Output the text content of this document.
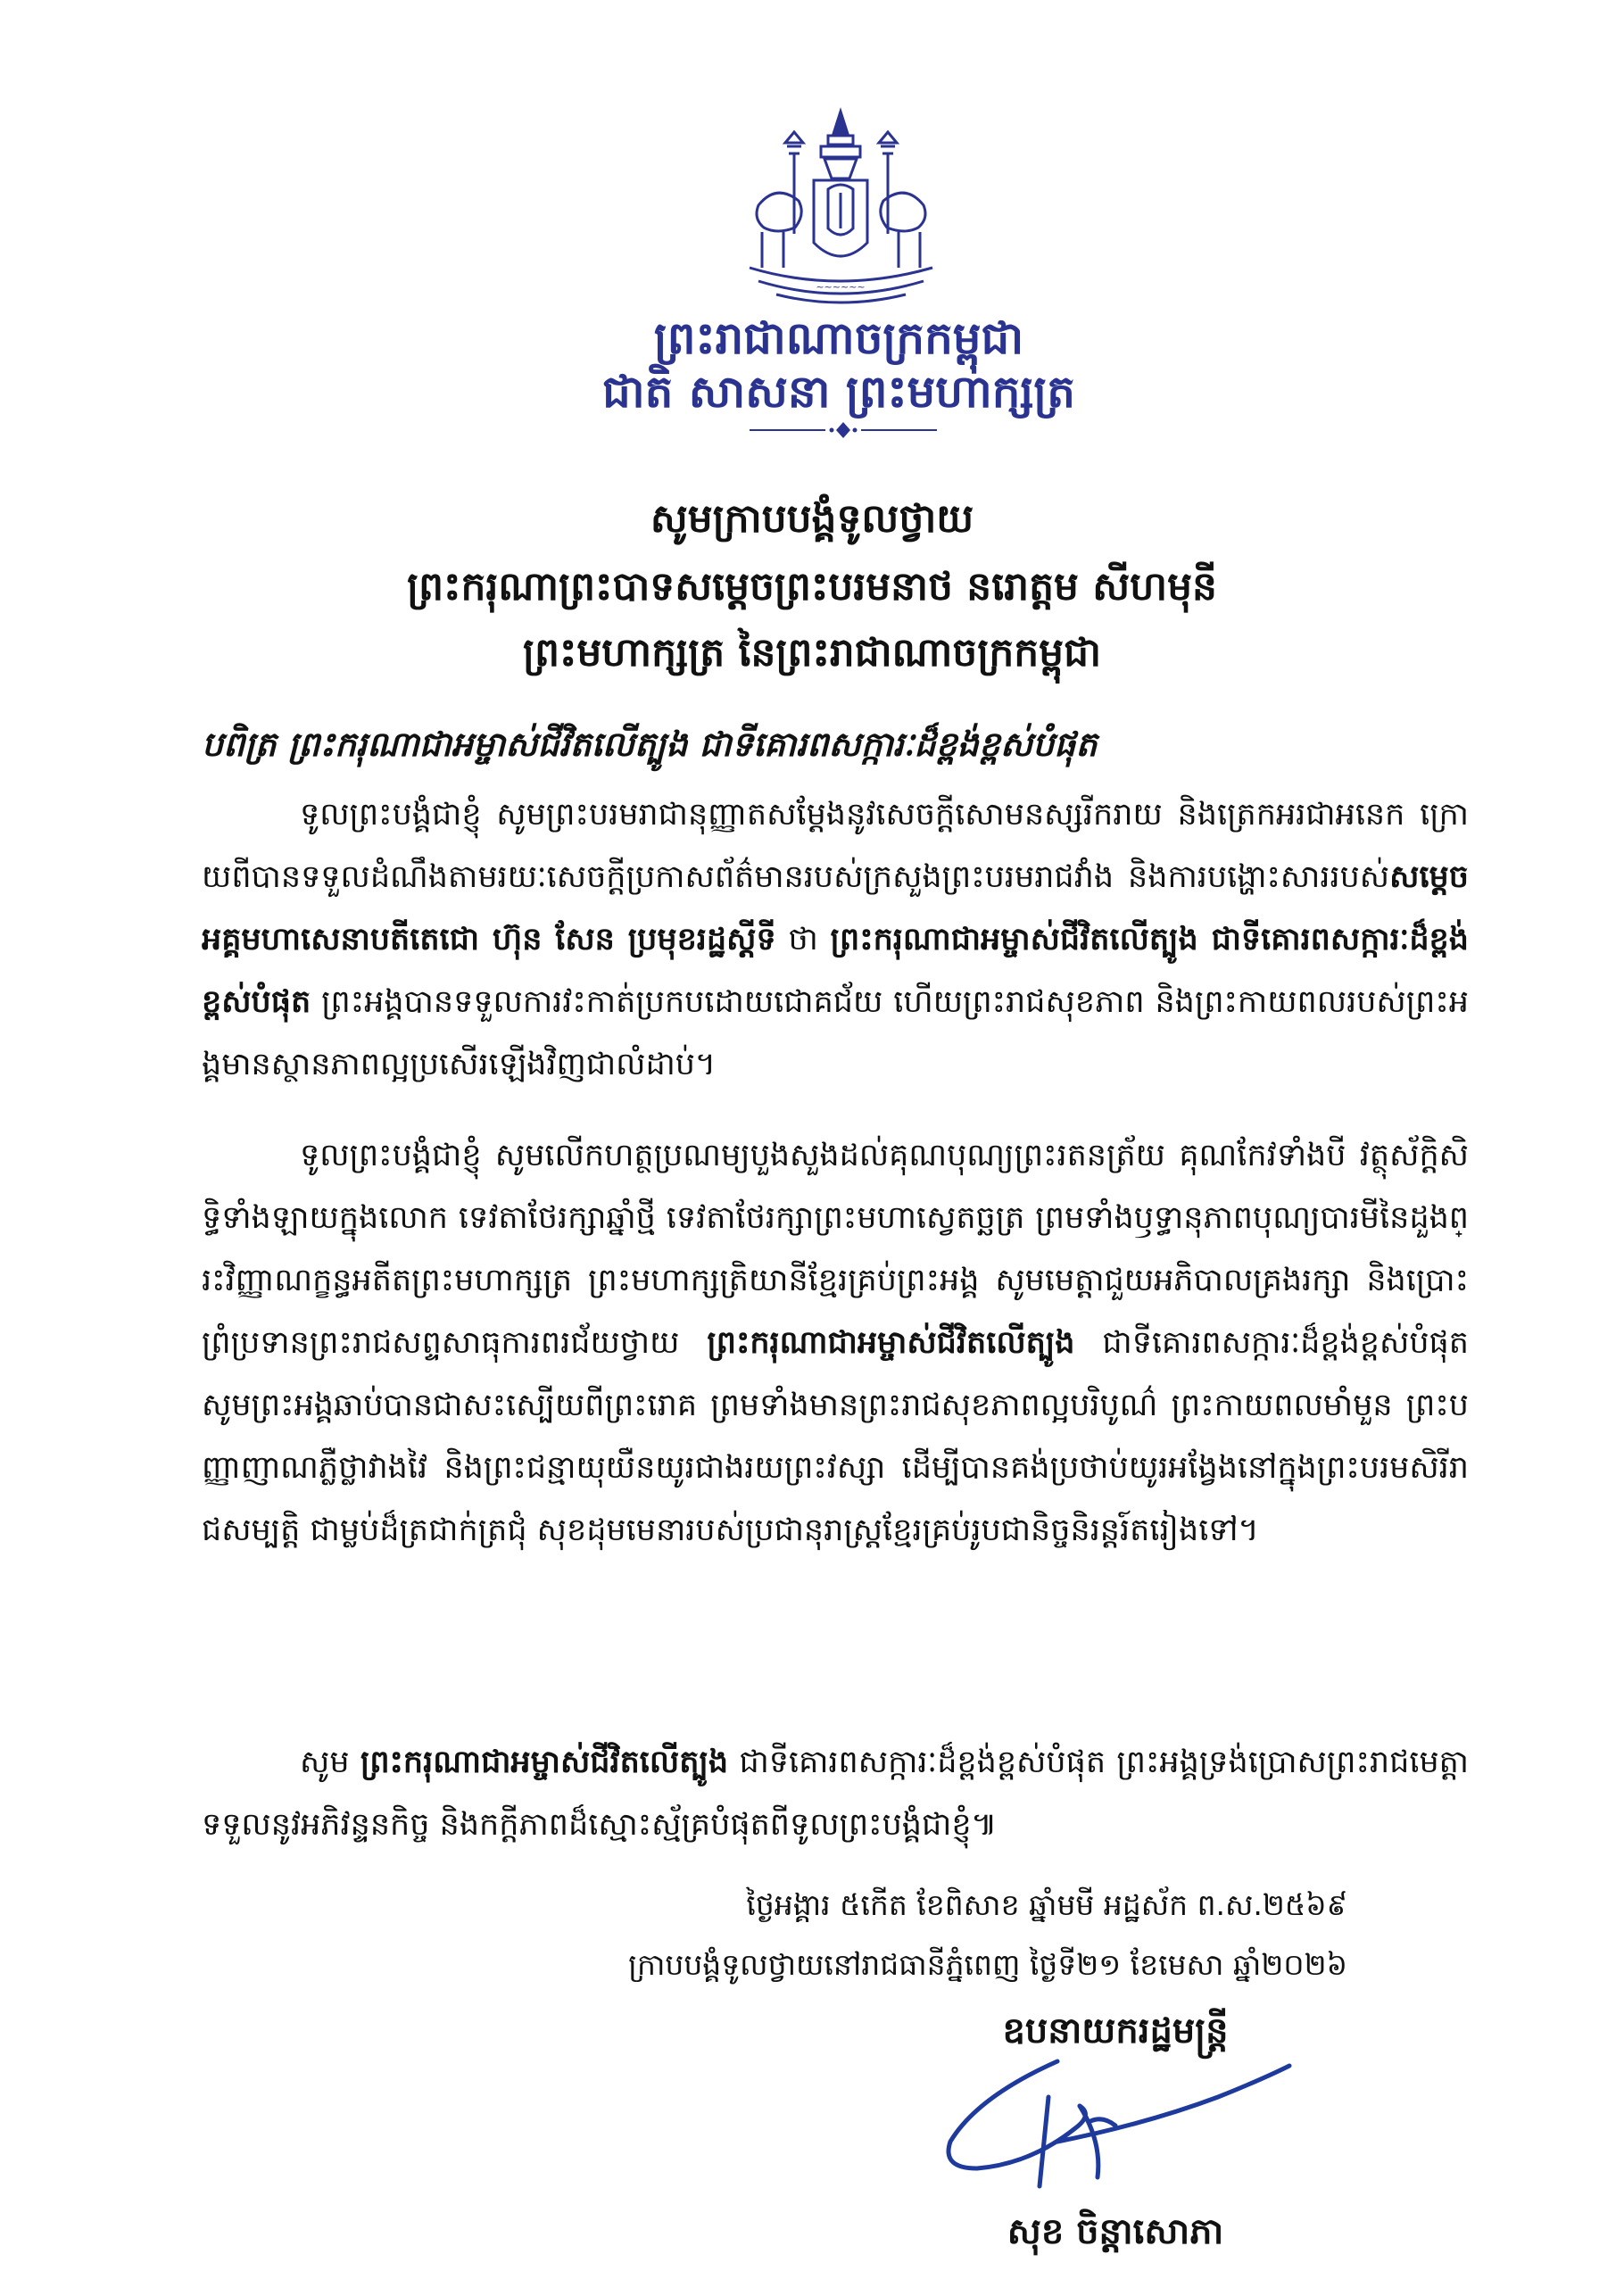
~~~~~~
ព្រះរាជាណាចក្រកម្ពុជា
ជាតិ សាសនា ព្រះមហាក្សត្រ
សូមក្រាបបង្គំទូលថ្វាយ
ព្រះករុណាព្រះបាទសម្តេចព្រះបរមនាថ នរោត្តម សីហមុនី
ព្រះមហាក្សត្រ នៃព្រះរាជាណាចក្រកម្ពុជា
បពិត្រ ព្រះករុណាជាអម្ចាស់ជីវិតលើត្បូង ជាទីគោរពសក្ការៈដ៏ខ្ពង់ខ្ពស់បំផុត
ទូលព្រះបង្គំជាខ្ញុំ សូមព្រះបរមរាជានុញ្ញាតសម្តែងនូវសេចក្តីសោមនស្សរីករាយ និងត្រេកអរជាអនេក ក្រោយពីបានទទួលដំណឹងតាមរយៈសេចក្តីប្រកាសព័ត៌មានរបស់ក្រសួងព្រះបរមរាជវាំង និងការបង្ហោះសាររបស់សម្តេចអគ្គមហាសេនាបតីតេជោ ហ៊ុន សែន ប្រមុខរដ្ឋស្តីទី ថា ព្រះករុណាជាអម្ចាស់ជីវិតលើត្បូង ជាទីគោរពសក្ការៈដ៏ខ្ពង់ខ្ពស់បំផុត ព្រះអង្គបានទទួលការវះកាត់ប្រកបដោយជោគជ័យ ហើយព្រះរាជសុខភាព និងព្រះកាយពលរបស់ព្រះអង្គមានស្ថានភាពល្អប្រសើរឡើងវិញជាលំដាប់។
ទូលព្រះបង្គំជាខ្ញុំ សូមលើកហត្ថប្រណម្យបួងសួងដល់គុណបុណ្យព្រះរតនត្រ័យ គុណកែវទាំងបី វត្ថុស័ក្តិសិទ្ធិទាំងឡាយក្នុងលោក ទេវតាថែរក្សាឆ្នាំថ្មី ទេវតាថែរក្សាព្រះមហាស្វេតច្ឆត្រ ព្រមទាំងឫទ្ធានុភាពបុណ្យបារមីនៃដួងព្រះវិញ្ញាណក្ខន្ធអតីតព្រះមហាក្សត្រ ព្រះមហាក្សត្រិយានីខ្មែរគ្រប់ព្រះអង្គ សូមមេត្តាជួយអភិបាលគ្រងរក្សា និងប្រោះព្រំប្រទានព្រះរាជសព្ទសាធុការពរជ័យថ្វាយ ព្រះករុណាជាអម្ចាស់ជីវិតលើត្បូង ជាទីគោរពសក្ការៈដ៏ខ្ពង់ខ្ពស់បំផុត សូមព្រះអង្គឆាប់បានជាសះស្បើយពីព្រះរោគ ព្រមទាំងមានព្រះរាជសុខភាពល្អបរិបូណ៌ ព្រះកាយពលមាំមួន ព្រះបញ្ញាញាណភ្លឺថ្លាវាងវៃ និងព្រះជន្មាយុយឺនយូរជាងរយព្រះវស្សា ដើម្បីបានគង់ប្រថាប់យូរអង្វែងនៅក្នុងព្រះបរមសិរីរាជសម្បត្តិ ជាម្លប់ដ៏ត្រជាក់ត្រជុំ សុខដុមមេនារបស់ប្រជានុរាស្ត្រខ្មែរគ្រប់រូបជានិច្ចនិរន្តរ៍តរៀងទៅ។
សូម ព្រះករុណាជាអម្ចាស់ជីវិតលើត្បូង ជាទីគោរពសក្ការៈដ៏ខ្ពង់ខ្ពស់បំផុត ព្រះអង្គទ្រង់ប្រោសព្រះរាជមេត្តាទទួលនូវអភិវន្ទនកិច្ច និងកក្តីភាពដ៏ស្មោះស្ម័គ្របំផុតពីទូលព្រះបង្គំជាខ្ញុំ៕
ថ្ងៃអង្គារ ៥កើត ខែពិសាខ ឆ្នាំមមី អដ្ឋស័ក ព.ស.២៥៦៩
ក្រាបបង្គំទូលថ្វាយនៅរាជធានីភ្នំពេញ ថ្ងៃទី២១ ខែមេសា ឆ្នាំ២០២៦
ឧបនាយករដ្ឋមន្ត្រី
សុខ ចិន្តាសោភា
